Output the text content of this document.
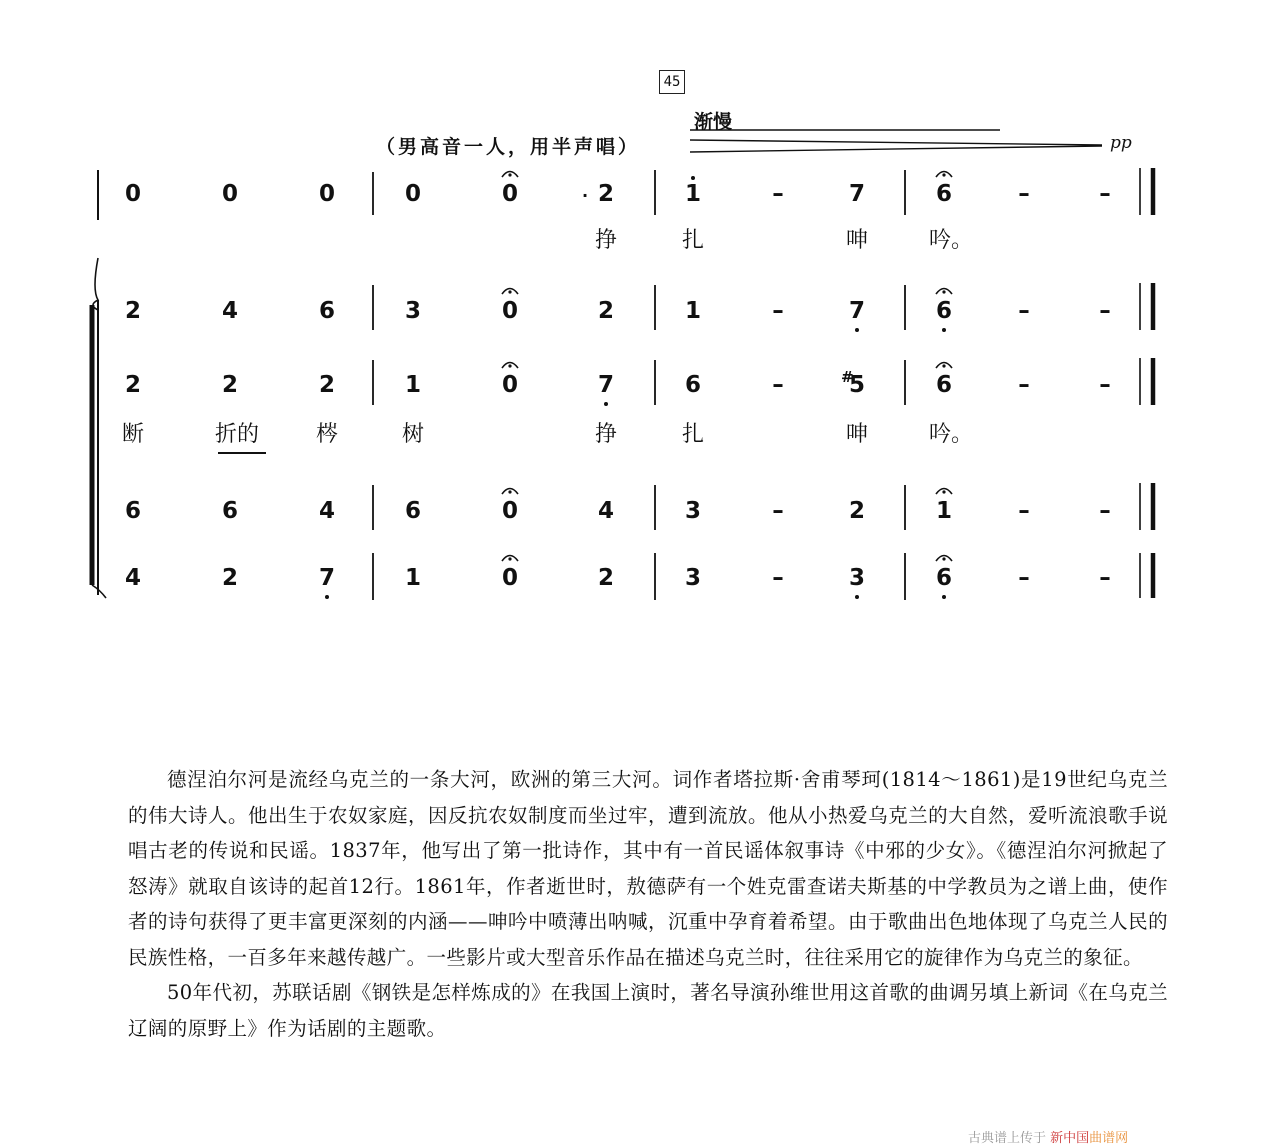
45
渐慢
pp
（男高音一人，用半声唱）
0	0	0	0	0	2	1	–	7	6	–	–
挣	扎	呻	吟。
2	4	6	3	0	2	1	–	7	6	–	–
2	2	2	1	0	7	6	–	5	6	–	–
断	折的	梣	树	挣	扎	呻	吟。
6	6	4	6	0	4	3	–	2	1	–	–
4	2	7	1	0	2	3	–	3	6	–	–
#
.

德涅泊尔河是流经乌克兰的一条大河，欧洲的第三大河。词作者塔拉斯·舍甫琴珂(1814～1861)是19世纪乌克兰的伟大诗人。他出生于农奴家庭，因反抗农奴制度而坐过牢，遭到流放。他从小热爱乌克兰的大自然，爱听流浪歌手说唱古老的传说和民谣。1837年，他写出了第一批诗作，其中有一首民谣体叙事诗《中邪的少女》。《德涅泊尔河掀起了怒涛》就取自该诗的起首12行。1861年，作者逝世时，敖德萨有一个姓克雷查诺夫斯基的中学教员为之谱上曲，使作者的诗句获得了更丰富更深刻的内涵——呻吟中喷薄出呐喊，沉重中孕育着希望。由于歌曲出色地体现了乌克兰人民的民族性格，一百多年来越传越广。一些影片或大型音乐作品在描述乌克兰时，往往采用它的旋律作为乌克兰的象征。

50年代初，苏联话剧《钢铁是怎样炼成的》在我国上演时，著名导演孙维世用这首歌的曲调另填上新词《在乌克兰辽阔的原野上》作为话剧的主题歌。

古典谱上传于 新中国曲谱网
